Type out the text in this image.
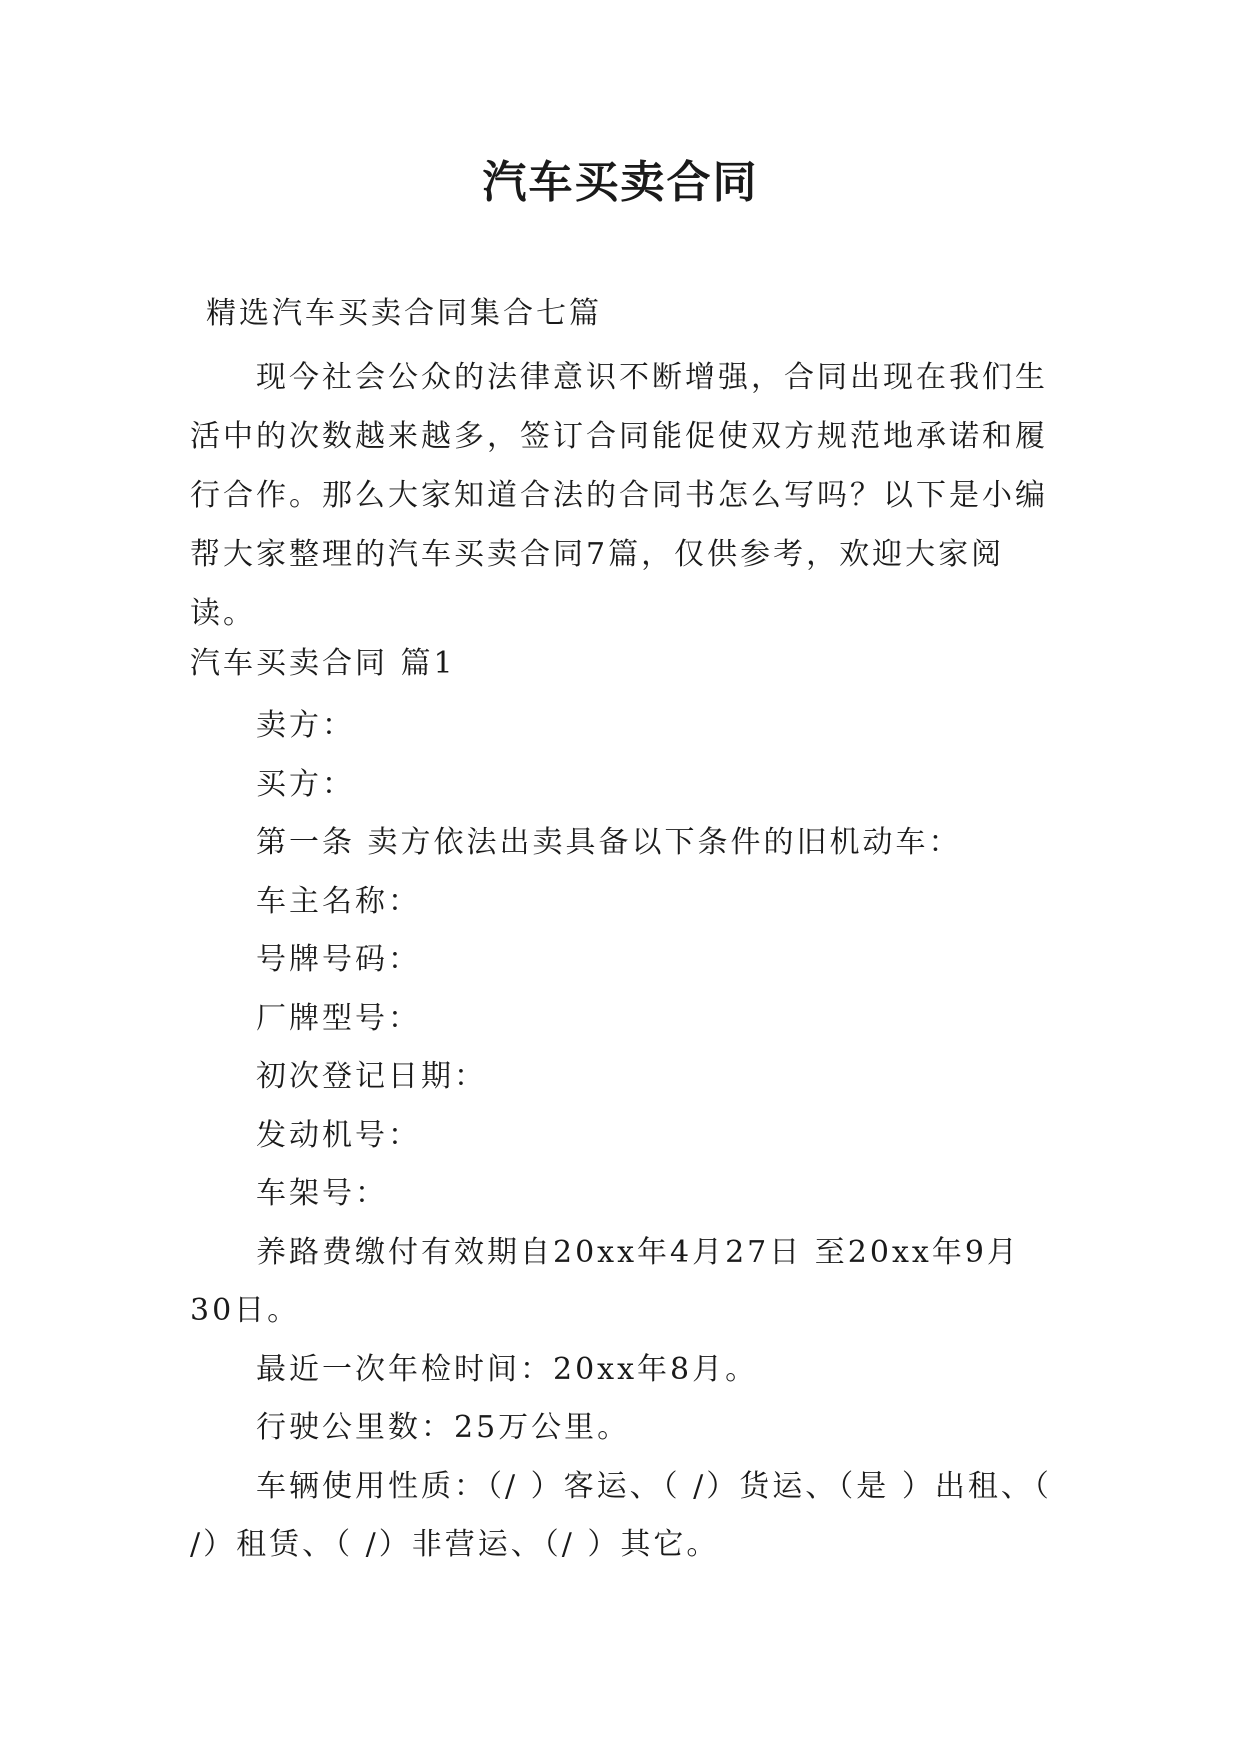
汽车买卖合同
精选汽车买卖合同集合七篇
现今社会公众的法律意识不断增强，合同出现在我们生活中的次数越来越多，签订合同能促使双方规范地承诺和履行合作。那么大家知道合法的合同书怎么写吗？以下是小编帮大家整理的汽车买卖合同7篇，仅供参考，欢迎大家阅读。
汽车买卖合同 篇1

卖方：

买方：

第一条 卖方依法出卖具备以下条件的旧机动车：

车主名称：

号牌号码：

厂牌型号：

初次登记日期：

发动机号：

车架号：

养路费缴付有效期自20xx年4月27日 至20xx年9月30日。

最近一次年检时间：20xx年8月。

行驶公里数：25万公里。

车辆使用性质：（/ ）客运、（ /）货运、（是 ）出租、（ /）租赁、（ /）非营运、（/ ）其它。
